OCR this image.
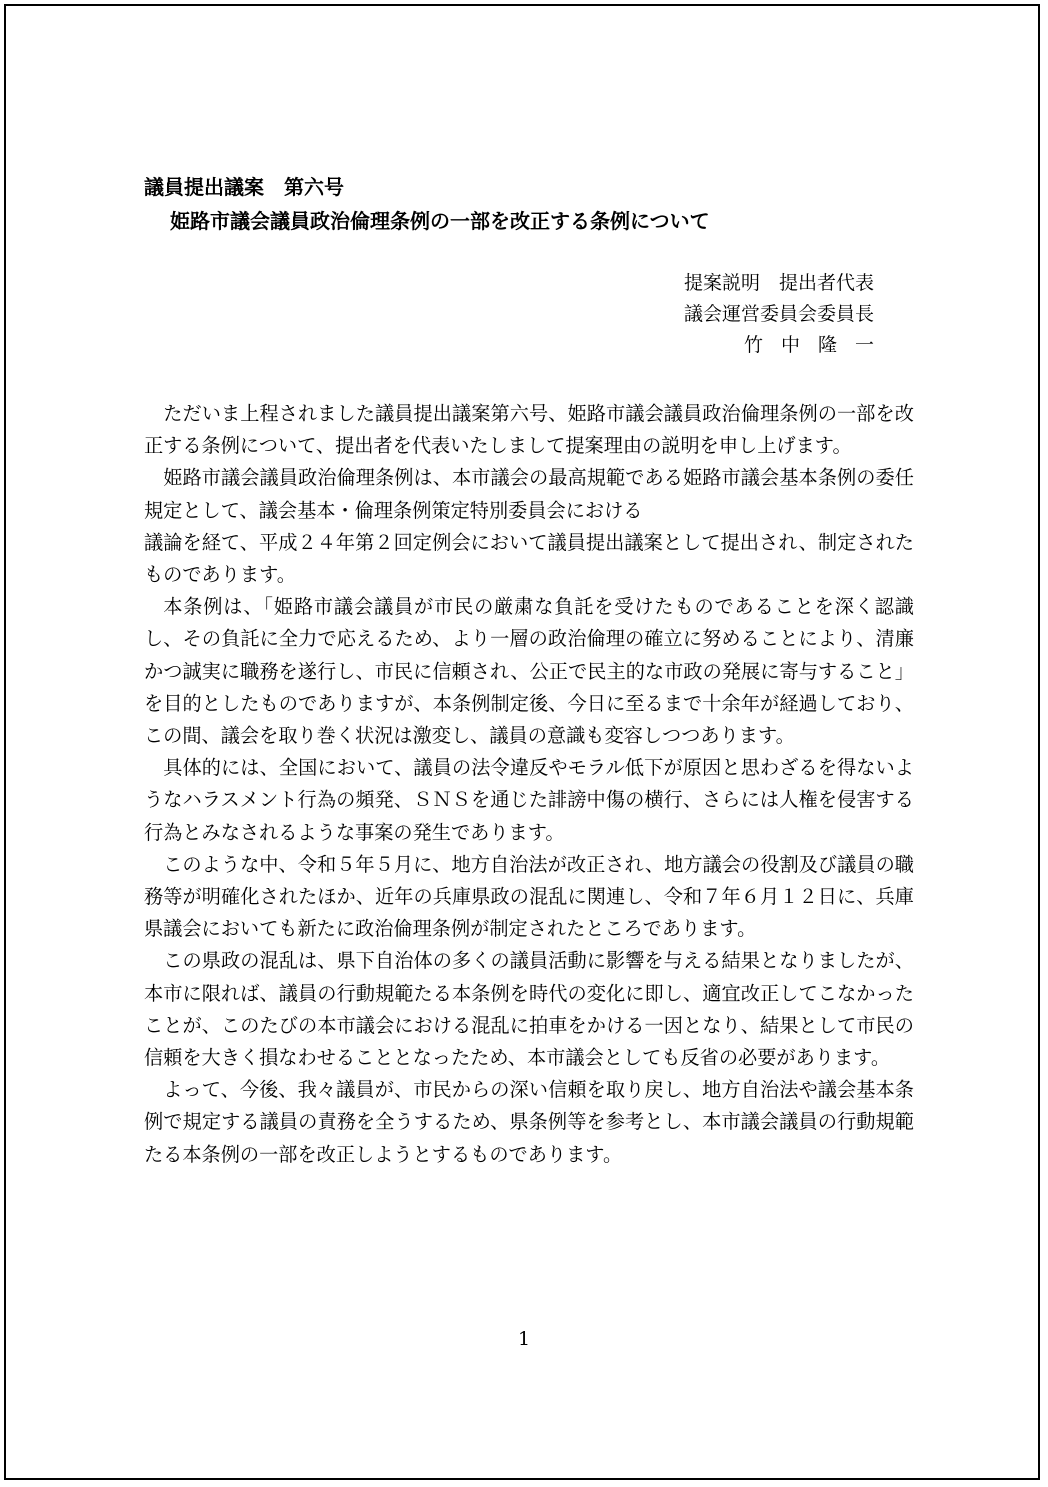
議員提出議案　第六号
姫路市議会議員政治倫理条例の一部を改正する条例について
提案説明　提出者代表
議会運営委員会委員長
竹中隆一

ただいま上程されました議員提出議案第六号、姫路市議会議員政治倫理条例の一部を改正する条例について、提出者を代表いたしまして提案理由の説明を申し上げます。

姫路市議会議員政治倫理条例は、本市議会の最高規範である姫路市議会基本条例の委任規定として、議会基本・倫理条例策定特別委員会における

議論を経て、平成２４年第２回定例会において議員提出議案として提出され、制定されたものであります。

本条例は、「姫路市議会議員が市民の厳粛な負託を受けたものであることを深く認識し、その負託に全力で応えるため、より一層の政治倫理の確立に努めることにより、清廉かつ誠実に職務を遂行し、市民に信頼され、公正で民主的な市政の発展に寄与すること」を目的としたものでありますが、本条例制定後、今日に至るまで十余年が経過しており、この間、議会を取り巻く状況は激変し、議員の意識も変容しつつあります。

具体的には、全国において、議員の法令違反やモラル低下が原因と思わざるを得ないようなハラスメント行為の頻発、ＳＮＳを通じた誹謗中傷の横行、さらには人権を侵害する行為とみなされるような事案の発生であります。

このような中、令和５年５月に、地方自治法が改正され、地方議会の役割及び議員の職務等が明確化されたほか、近年の兵庫県政の混乱に関連し、令和７年６月１２日に、兵庫県議会においても新たに政治倫理条例が制定されたところであります。

この県政の混乱は、県下自治体の多くの議員活動に影響を与える結果となりましたが、本市に限れば、議員の行動規範たる本条例を時代の変化に即し、適宜改正してこなかったことが、このたびの本市議会における混乱に拍車をかける一因となり、結果として市民の信頼を大きく損なわせることとなったため、本市議会としても反省の必要があります。

よって、今後、我々議員が、市民からの深い信頼を取り戻し、地方自治法や議会基本条例で規定する議員の責務を全うするため、県条例等を参考とし、本市議会議員の行動規範たる本条例の一部を改正しようとするものであります。

1
